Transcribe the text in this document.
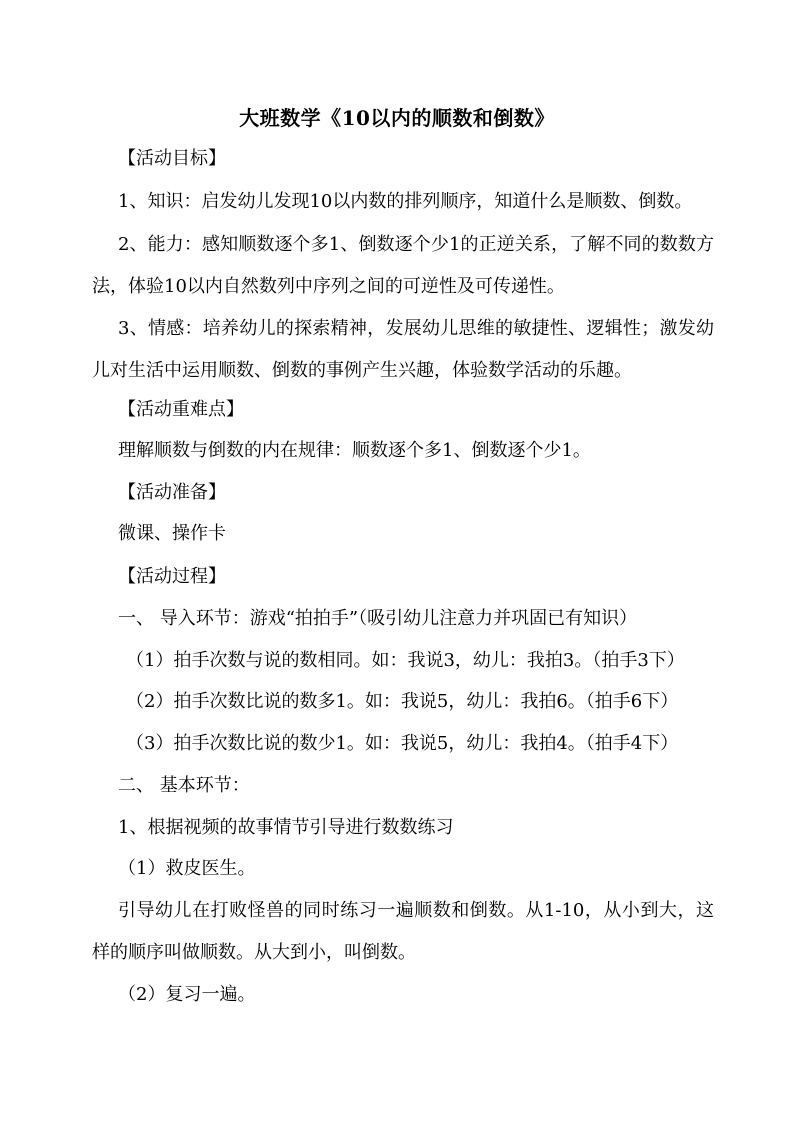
大班数学《10以内的顺数和倒数》
【活动目标】
1、知识：启发幼儿发现10以内数的排列顺序，知道什么是顺数、倒数。
2、能力：感知顺数逐个多1、倒数逐个少1的正逆关系，了解不同的数数方法，体验10以内自然数列中序列之间的可逆性及可传递性。
3、情感：培养幼儿的探索精神，发展幼儿思维的敏捷性、逻辑性；激发幼儿对生活中运用顺数、倒数的事例产生兴趣，体验数学活动的乐趣。
【活动重难点】
理解顺数与倒数的内在规律：顺数逐个多1、倒数逐个少1。
【活动准备】
微课、操作卡
【活动过程】
一、 导入环节：游戏“拍拍手”（吸引幼儿注意力并巩固已有知识）
（1）拍手次数与说的数相同。如：我说3，幼儿：我拍3。（拍手3下）
（2）拍手次数比说的数多1。如：我说5，幼儿：我拍6。（拍手6下）
（3）拍手次数比说的数少1。如：我说5，幼儿：我拍4。（拍手4下）
二、 基本环节：
1、根据视频的故事情节引导进行数数练习
（1）救皮医生。
引导幼儿在打败怪兽的同时练习一遍顺数和倒数。从1-10，从小到大，这样的顺序叫做顺数。从大到小，叫倒数。
（2）复习一遍。
